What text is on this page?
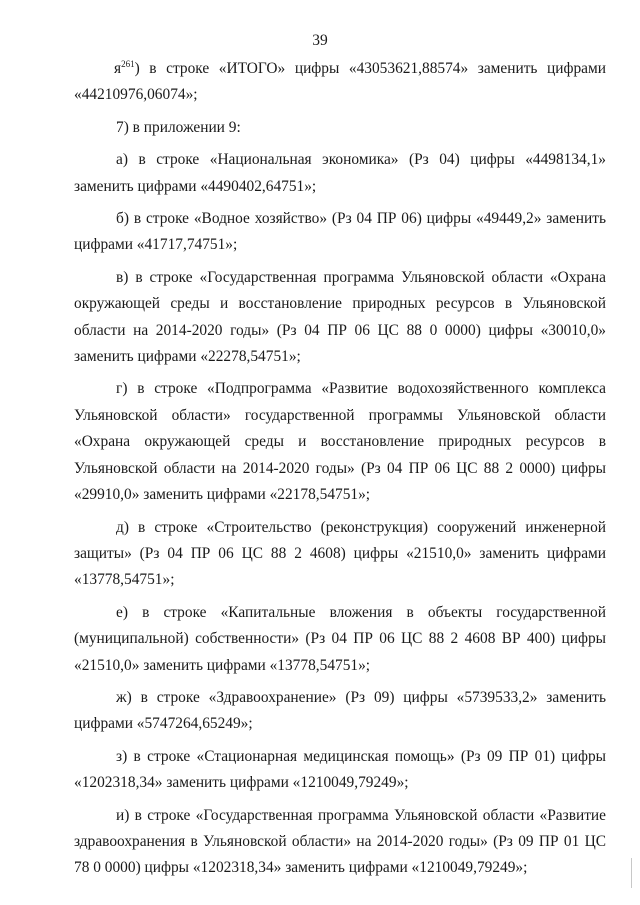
39

$я^{261}$) в строке «ИТОГО» цифры «43053621,88574» заменить цифрами «44210976,06074»;

7) в приложении 9:

а) в строке «Национальная экономика» (Рз 04) цифры «4498134,1» заменить цифрами «4490402,64751»;

б) в строке «Водное хозяйство» (Рз 04 ПР 06) цифры «49449,2» заменить цифрами «41717,74751»;

в) в строке «Государственная программа Ульяновской области «Охрана окружающей среды и восстановление природных ресурсов в Ульяновской области на 2014-2020 годы» (Рз 04 ПР 06 ЦС 88 0 0000) цифры «30010,0» заменить цифрами «22278,54751»;

г) в строке «Подпрограмма «Развитие водохозяйственного комплекса Ульяновской области» государственной программы Ульяновской области «Охрана окружающей среды и восстановление природных ресурсов в Ульяновской области на 2014-2020 годы» (Рз 04 ПР 06 ЦС 88 2 0000) цифры «29910,0» заменить цифрами «22178,54751»;

д) в строке «Строительство (реконструкция) сооружений инженерной защиты» (Рз 04 ПР 06 ЦС 88 2 4608) цифры «21510,0» заменить цифрами «13778,54751»;

е) в строке «Капитальные вложения в объекты государственной (муниципальной) собственности» (Рз 04 ПР 06 ЦС 88 2 4608 ВР 400) цифры «21510,0» заменить цифрами «13778,54751»;

ж) в строке «Здравоохранение» (Рз 09) цифры «5739533,2» заменить цифрами «5747264,65249»;

з) в строке «Стационарная медицинская помощь» (Рз 09 ПР 01) цифры «1202318,34» заменить цифрами «1210049,79249»;

и) в строке «Государственная программа Ульяновской области «Развитие здравоохранения в Ульяновской области» на 2014-2020 годы» (Рз 09 ПР 01 ЦС 78 0 0000) цифры «1202318,34» заменить цифрами «1210049,79249»;
